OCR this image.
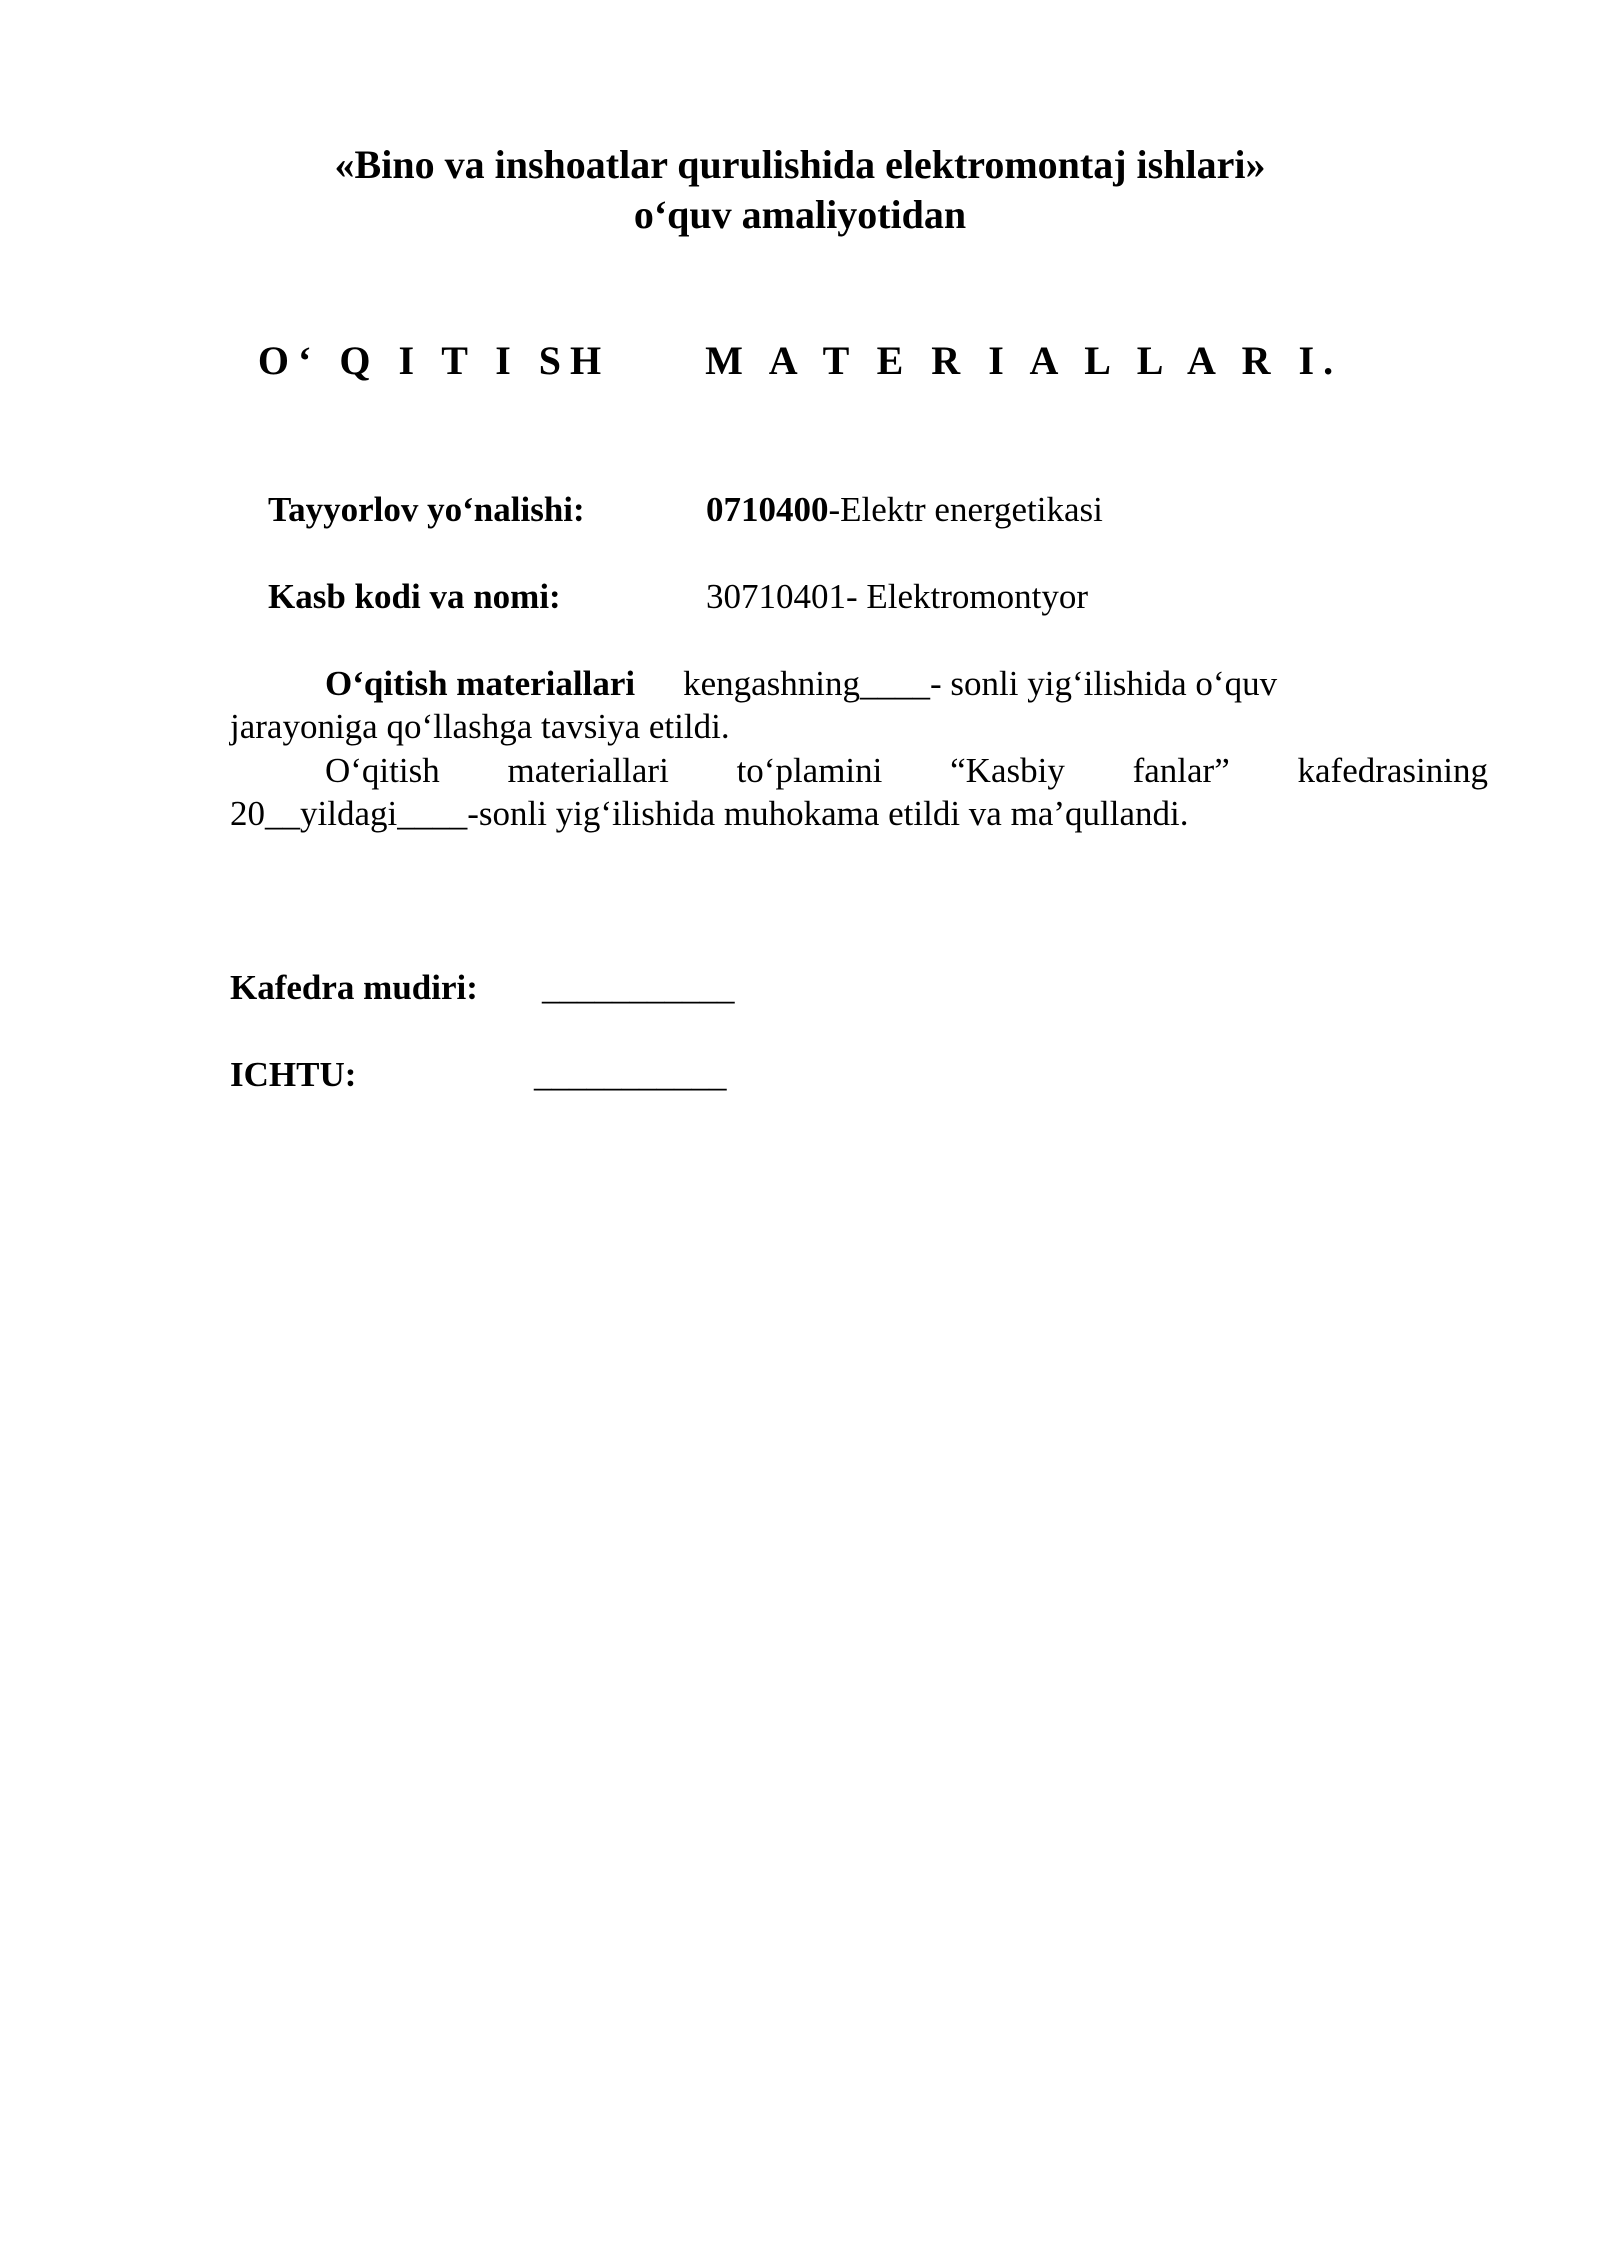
«Bino va inshoatlar qurulishida elektromontaj ishlari»
o‘quv amaliyotidan
O‘ Q I T I SH     M A T E R I A L L A R I.
Tayyorlov yo‘nalishi:	0710400-Elektr energetikasi
Kasb kodi va nomi:	30710401- Elektromontyor
O‘qitish materiallari kengashning____- sonli yig‘ilishida o‘quv
jarayoniga qo‘llashga tavsiya etildi.
O‘qitish materiallari to‘plamini “Kasbiy fanlar” kafedrasining
20__yildagi____-sonli yig‘ilishida muhokama etildi va ma’qullandi.
Kafedra mudiri: ___________
ICHTU:	___________
